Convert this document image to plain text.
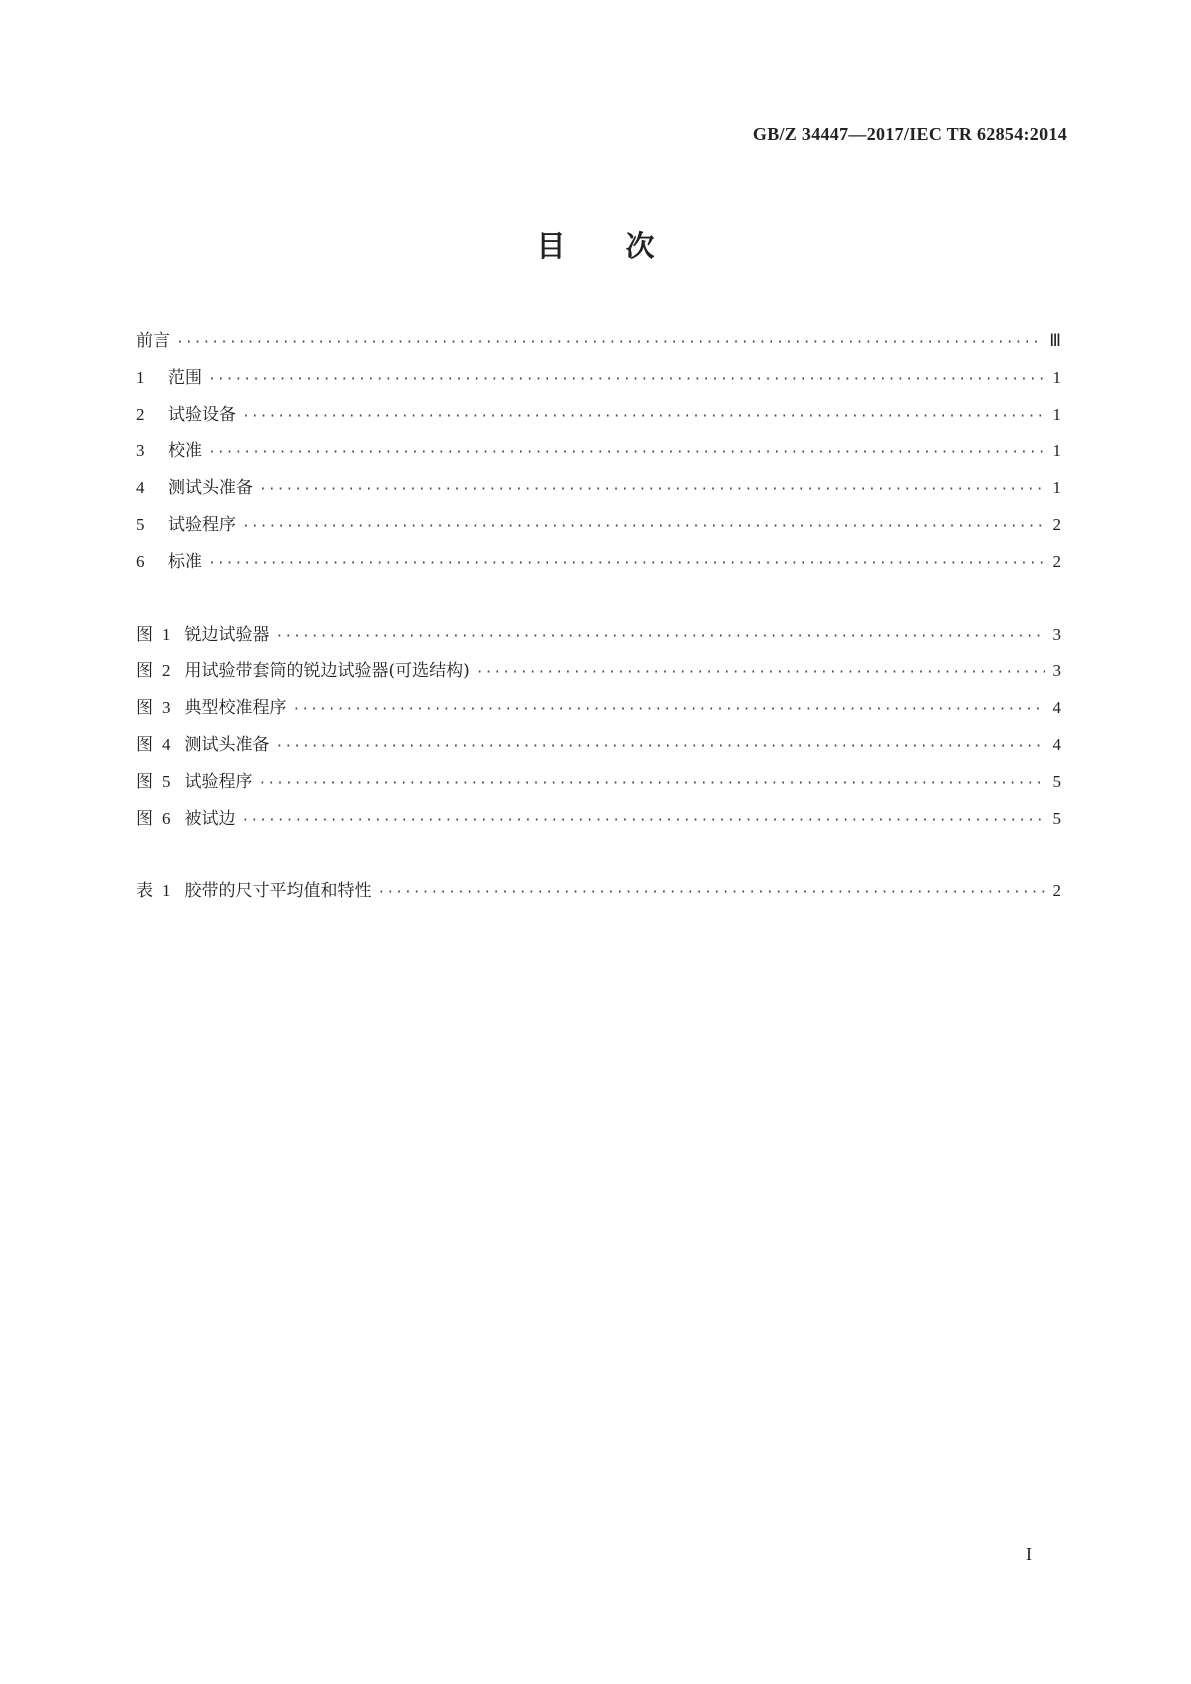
GB/Z 34447—2017/IEC TR 62854:2014
目次
前言 ·····	Ⅲ
1	范围 ·····	1
2	试验设备 ·····	1
3	校准 ·····	1
4	测试头准备 ·····	1
5	试验程序 ·····	2
6	标准 ·····	2
图 1 锐边试验器 ·····	3
图 2 用试验带套筒的锐边试验器(可选结构) ·····	3
图 3 典型校准程序 ·····	4
图 4 测试头准备 ·····	4
图 5 试验程序 ·····	5
图 6 被试边 ·····	5
表 1 胶带的尺寸平均值和特性 ·····	2
I
